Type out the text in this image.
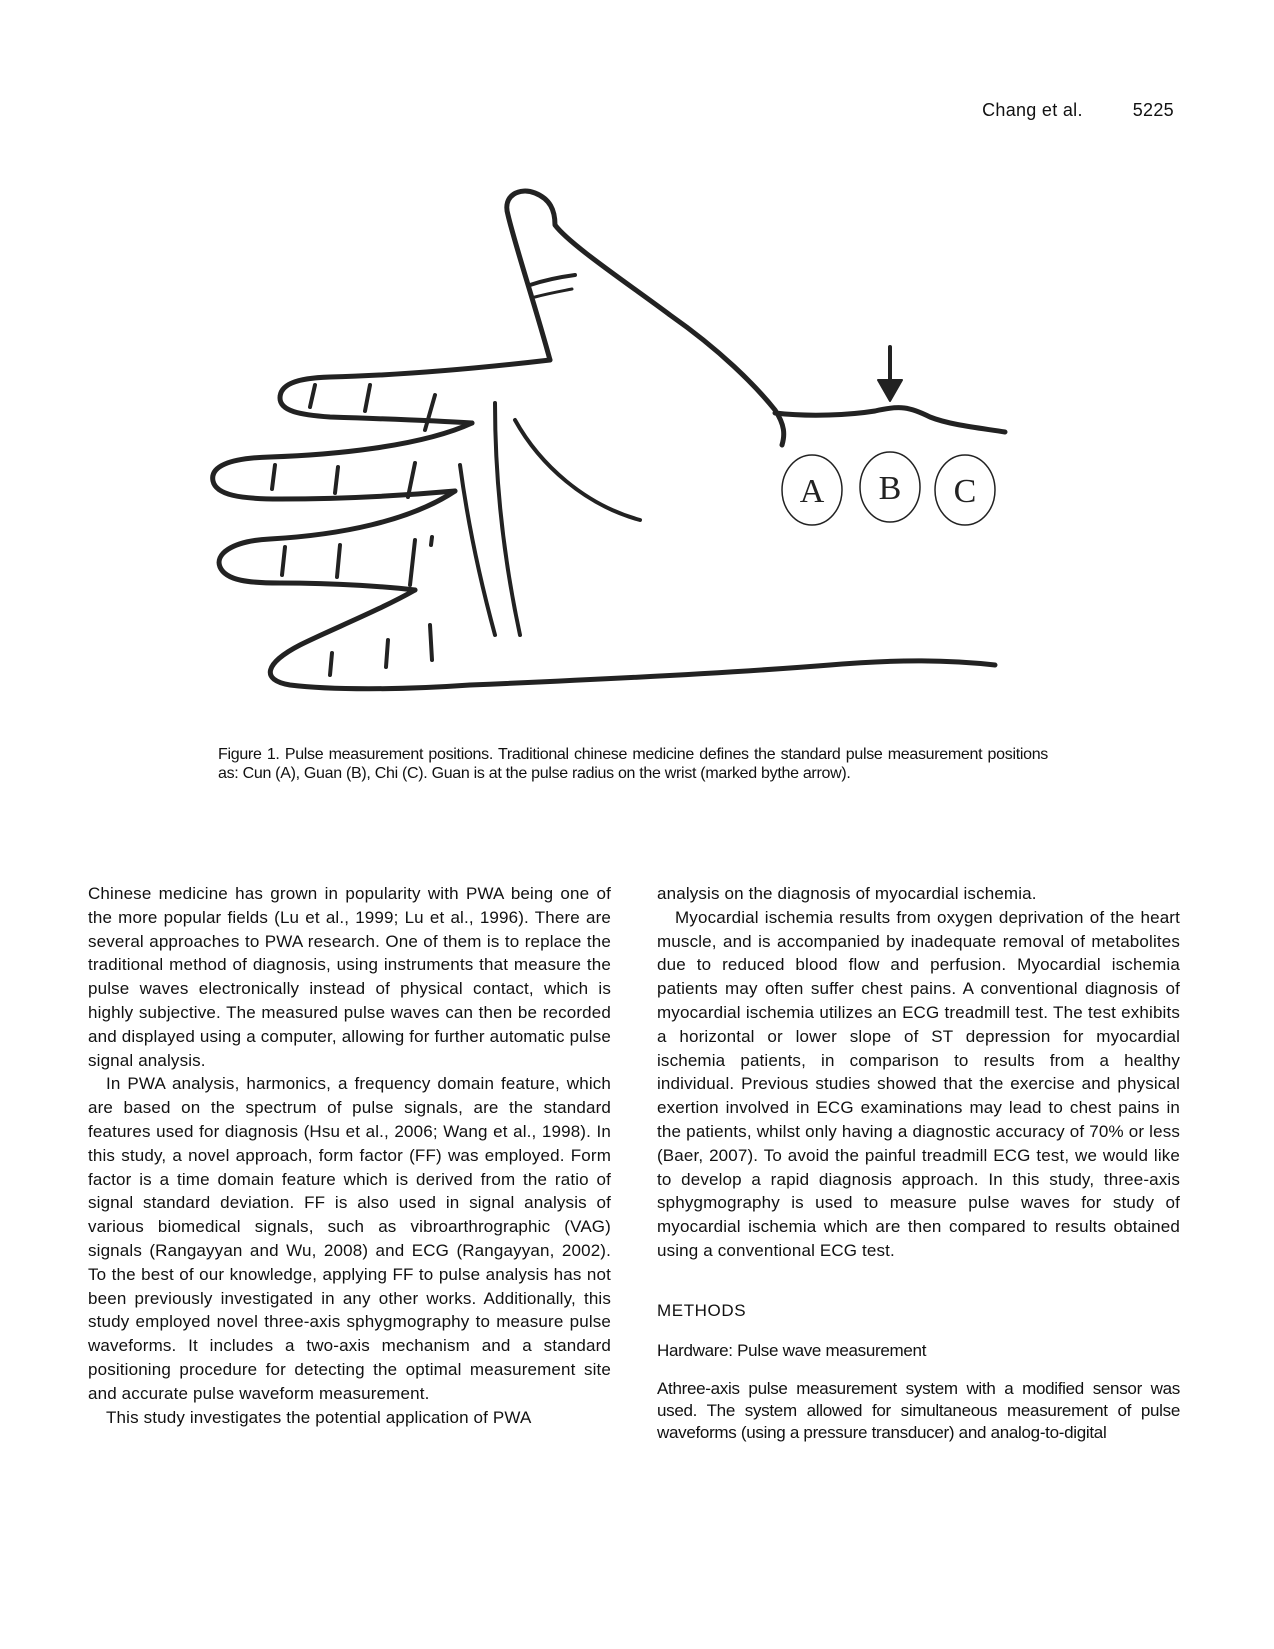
Chang et al.	5225
A B C
Figure 1. Pulse measurement positions. Traditional chinese medicine defines the standard pulse measurement positions as: Cun (A), Guan (B), Chi (C). Guan is at the pulse radius on the wrist (marked bythe arrow).

Chinese medicine has grown in popularity with PWA being one of the more popular fields (Lu et al., 1999; Lu et al., 1996). There are several approaches to PWA research. One of them is to replace the traditional method of diagnosis, using instruments that measure the pulse waves electronically instead of physical contact, which is highly subjective. The measured pulse waves can then be recorded and displayed using a computer, allowing for further automatic pulse signal analysis.

In PWA analysis, harmonics, a frequency domain feature, which are based on the spectrum of pulse signals, are the standard features used for diagnosis (Hsu et al., 2006; Wang et al., 1998). In this study, a novel approach, form factor (FF) was employed. Form factor is a time domain feature which is derived from the ratio of signal standard deviation. FF is also used in signal analysis of various biomedical signals, such as vibroarthrographic (VAG) signals (Rangayyan and Wu, 2008) and ECG (Rangayyan, 2002). To the best of our knowledge, applying FF to pulse analysis has not been previously investigated in any other works. Additionally, this study employed novel three-axis sphygmography to measure pulse waveforms. It includes a two-axis mechanism and a standard positioning procedure for detecting the optimal measurement site and accurate pulse waveform measurement.

This study investigates the potential application of PWA

analysis on the diagnosis of myocardial ischemia.

Myocardial ischemia results from oxygen deprivation of the heart muscle, and is accompanied by inadequate removal of metabolites due to reduced blood flow and perfusion. Myocardial ischemia patients may often suffer chest pains. A conventional diagnosis of myocardial ischemia utilizes an ECG treadmill test. The test exhibits a horizontal or lower slope of ST depression for myocardial ischemia patients, in comparison to results from a healthy individual. Previous studies showed that the exercise and physical exertion involved in ECG examinations may lead to chest pains in the patients, whilst only having a diagnostic accuracy of 70% or less (Baer, 2007). To avoid the painful treadmill ECG test, we would like to develop a rapid diagnosis approach. In this study, three-axis sphygmography is used to measure pulse waves for study of myocardial ischemia which are then compared to results obtained using a conventional ECG test.

METHODS
Hardware: Pulse wave measurement

Athree-axis pulse measurement system with a modified sensor was used. The system allowed for simultaneous measurement of pulse waveforms (using a pressure transducer) and analog-to-digital
